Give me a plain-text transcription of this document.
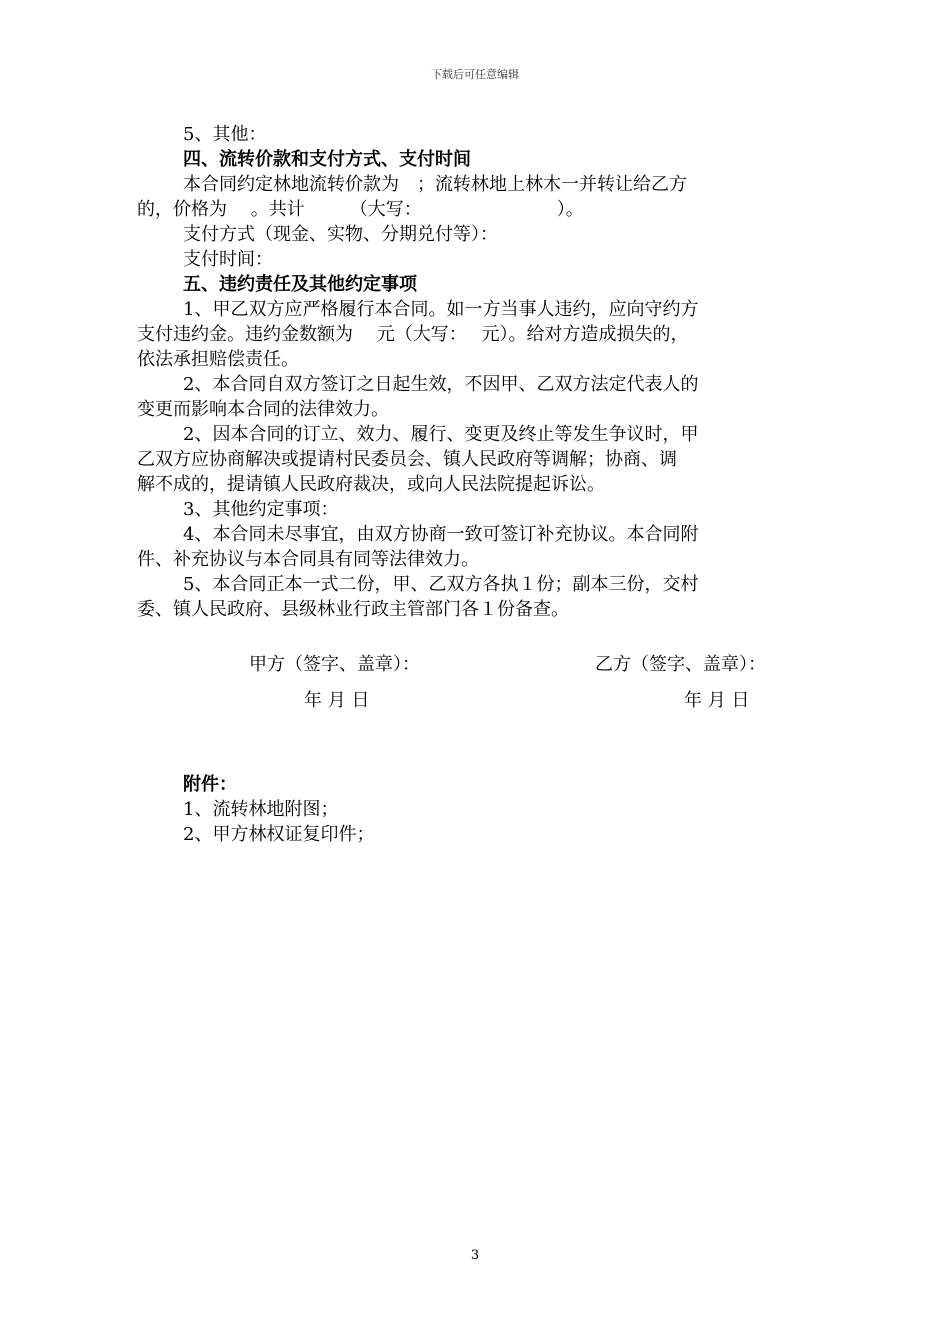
下载后可任意编辑

5、其他：

四、流转价款和支付方式、支付时间

本合同约定林地流转价款为　；流转林地上林木一并转让给乙方

的，价格为　 。共计　　　（大写：　　　　　　　　）。

支付方式（现金、实物、分期兑付等）：

支付时间：

五、违约责任及其他约定事项

1、甲乙双方应严格履行本合同。如一方当事人违约，应向守约方

支付违约金。违约金数额为　 元（大写：　 元）。给对方造成损失的，

依法承担赔偿责任。

2、本合同自双方签订之日起生效，不因甲、乙双方法定代表人的

变更而影响本合同的法律效力。

2、因本合同的订立、效力、履行、变更及终止等发生争议时，甲

乙双方应协商解决或提请村民委员会、镇人民政府等调解；协商、调

解不成的，提请镇人民政府裁决，或向人民法院提起诉讼。

3、其他约定事项：

4、本合同未尽事宜，由双方协商一致可签订补充协议。本合同附

件、补充协议与本合同具有同等法律效力。

5、本合同正本一式二份，甲、乙双方各执１份；副本三份，交村

委、镇人民政府、县级林业行政主管部门各１份备查。

甲方（签字、盖章）：	乙方（签字、盖章）：
年 月 日	年 月 日

附件：

1、流转林地附图；

2、甲方林权证复印件；

3
